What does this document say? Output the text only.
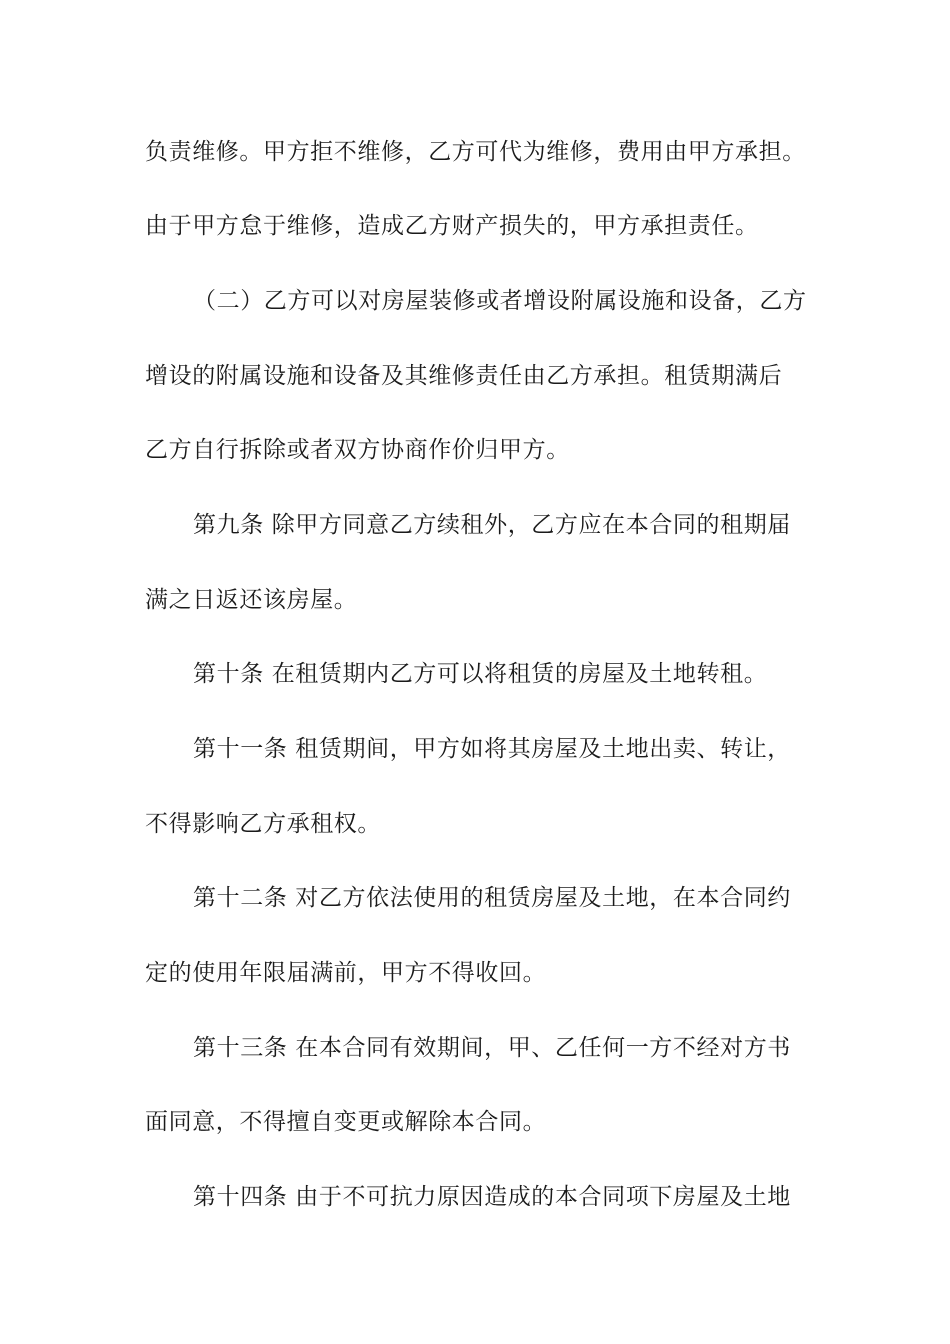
负责维修。甲方拒不维修，乙方可代为维修，费用由甲方承担。
由于甲方怠于维修，造成乙方财产损失的，甲方承担责任。
（二）乙方可以对房屋装修或者增设附属设施和设备，乙方
增设的附属设施和设备及其维修责任由乙方承担。租赁期满后
乙方自行拆除或者双方协商作价归甲方。
第九条 除甲方同意乙方续租外，乙方应在本合同的租期届
满之日返还该房屋。
第十条 在租赁期内乙方可以将租赁的房屋及土地转租。
第十一条 租赁期间，甲方如将其房屋及土地出卖、转让，
不得影响乙方承租权。
第十二条 对乙方依法使用的租赁房屋及土地，在本合同约
定的使用年限届满前，甲方不得收回。
第十三条 在本合同有效期间，甲、乙任何一方不经对方书
面同意，不得擅自变更或解除本合同。
第十四条 由于不可抗力原因造成的本合同项下房屋及土地
